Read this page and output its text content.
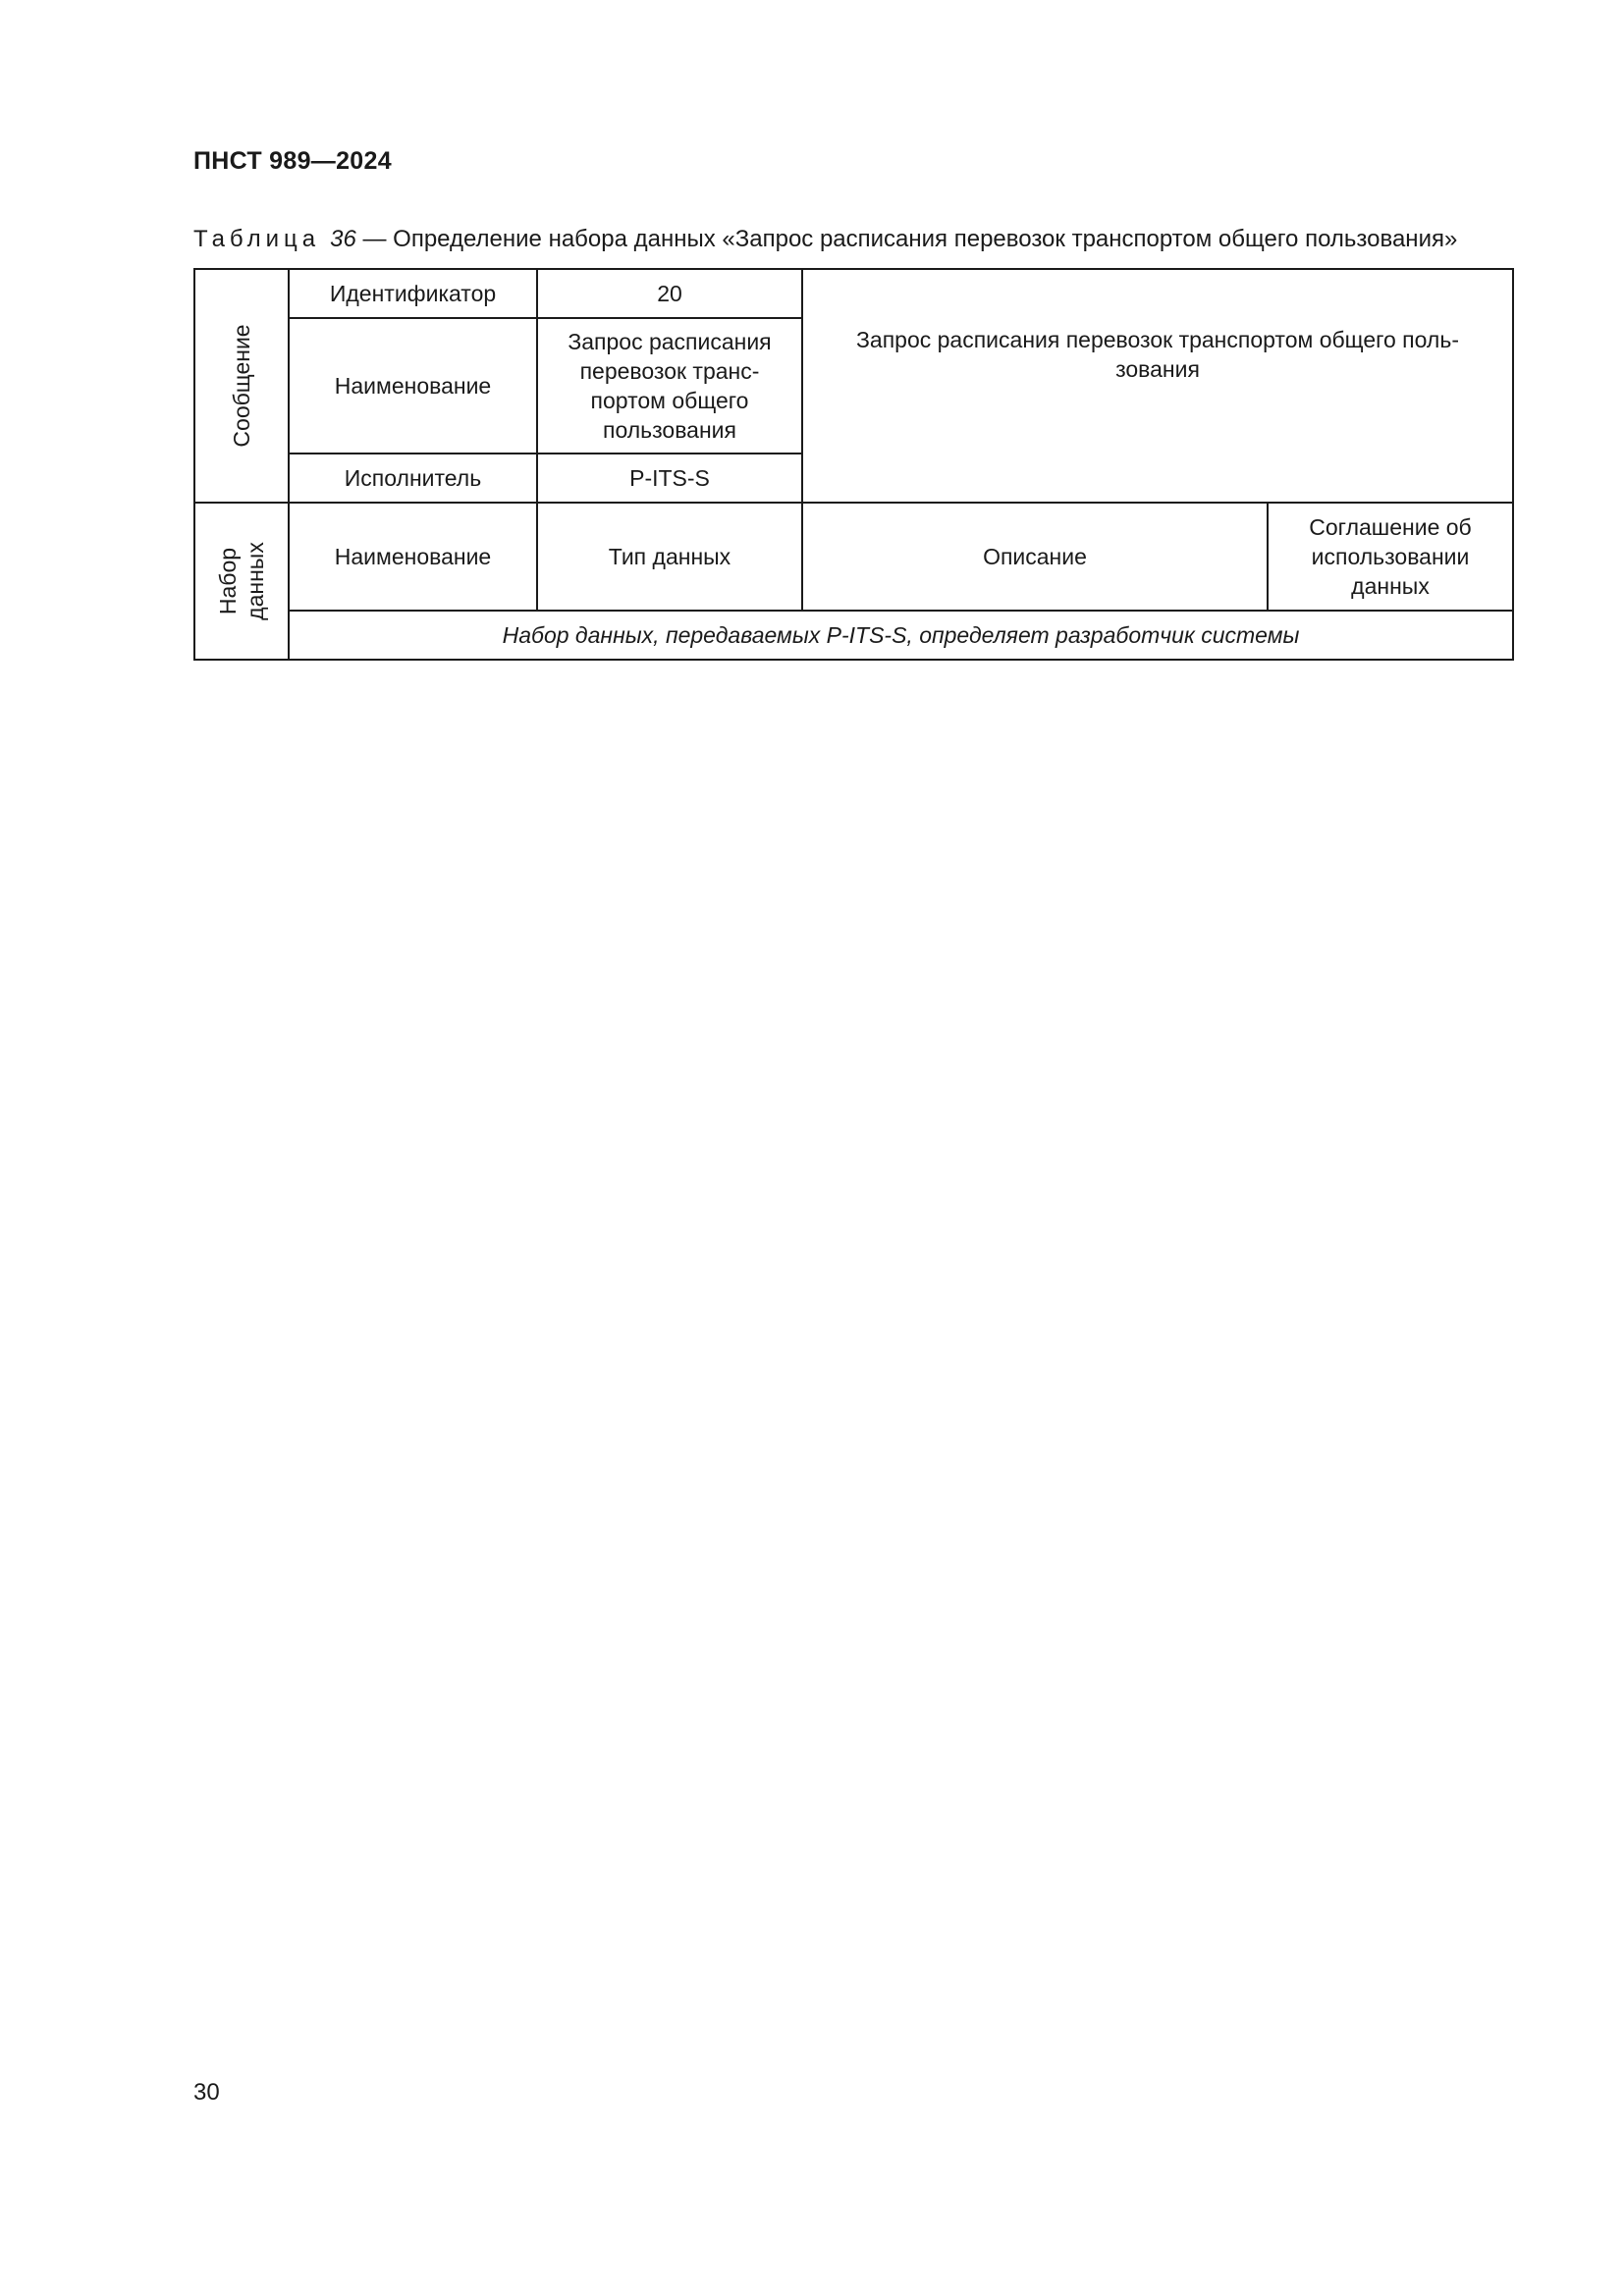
ПНСТ 989—2024
Таблица 36 — Определение набора данных «Запрос расписания перевозок транспортом общего пользования»
Сообщение	Идентификатор	20	Запрос расписания перевозок транспортом общего поль-зования	

	Наименование	Запрос расписания перевозок транс-портом общего пользования		
	Исполнитель	P-ITS-S		

Набор
данных	Наименование	Тип данных	Описание	Соглашение об использовании данных
	Набор данных, передаваемых P-ITS-S, определяет разработчик системы			
30
